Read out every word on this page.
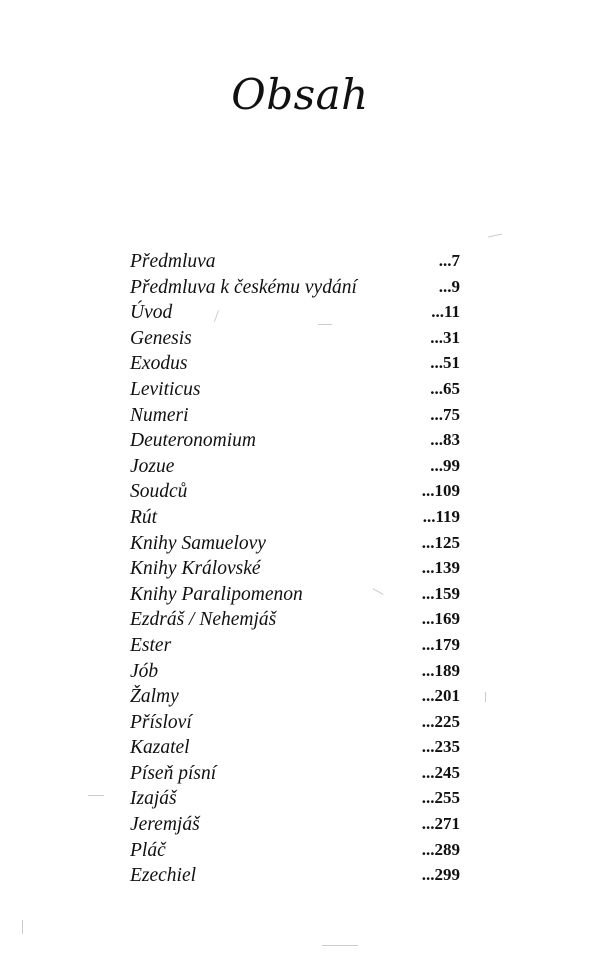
Obsah
Předmluva	...7
Předmluva k českému vydání	...9
Úvod	...11
Genesis	...31
Exodus	...51
Leviticus	...65
Numeri	...75
Deuteronomium	...83
Jozue	...99
Soudců	...109
Rút	...119
Knihy Samuelovy	...125
Knihy Královské	...139
Knihy Paralipomenon	...159
Ezdráš / Nehemjáš	...169
Ester	...179
Jób	...189
Žalmy	...201
Přísloví	...225
Kazatel	...235
Píseň písní	...245
Izajáš	...255
Jeremjáš	...271
Pláč	...289
Ezechiel	...299
